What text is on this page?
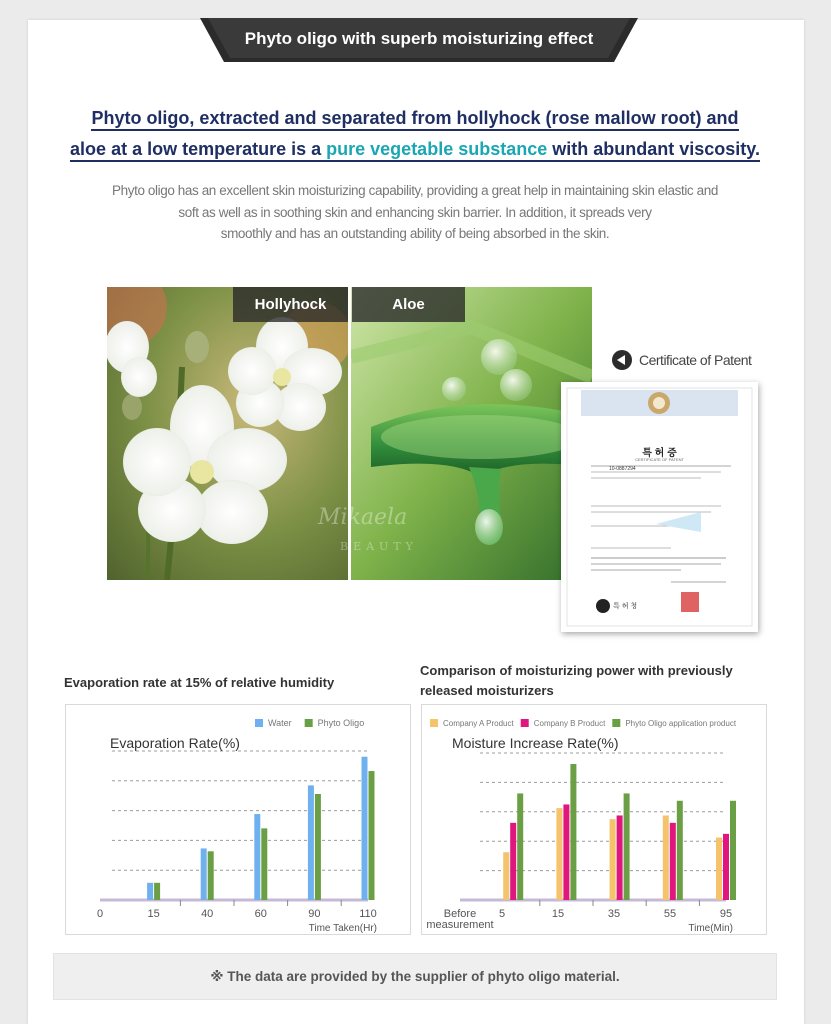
Phyto oligo with superb moisturizing effect
Phyto oligo, extracted and separated from hollyhock (rose mallow root) and
aloe at a low temperature is a pure vegetable substance with abundant viscosity.
Phyto oligo has an excellent skin moisturizing capability, providing a great help in maintaining skin elastic and
soft as well as in soothing skin and enhancing skin barrier. In addition, it spreads very
smoothly and has an outstanding ability of being absorbed in the skin.
Hollyhock	Aloe
Mikaela
BEAUTY
Certificate of Patent
특 허 증
CERTIFICATE OF PATENT
10-0887294
특 허 청
Evaporation rate at 15% of relative humidity
Evaporation Rate(%)
Water	Phyto Oligo
0	15	40	60	90	110
Time Taken(Hr)
Comparison of moisturizing power with previously released moisturizers
Moisture Increase Rate(%)
Company A Product	Company B Product	Phyto Oligo application product
Before
measurement
5	15	35	55	95
Time(Min)
※ The data are provided by the supplier of phyto oligo material.
